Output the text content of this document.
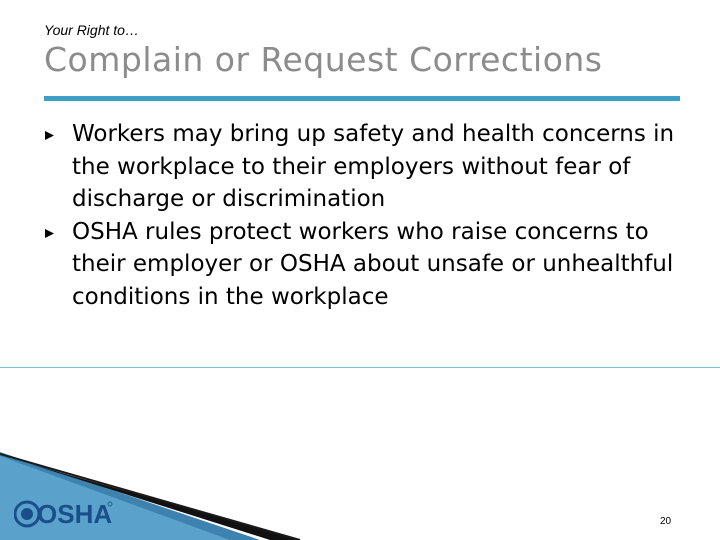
Your Right to…
Complain or Request Corrections
Workers may bring up safety and health concerns in the workplace to their employers without fear of discharge or discrimination
OSHA rules protect workers who raise concerns to their employer or OSHA about unsafe or unhealthful conditions in the workplace
OSHA	20
